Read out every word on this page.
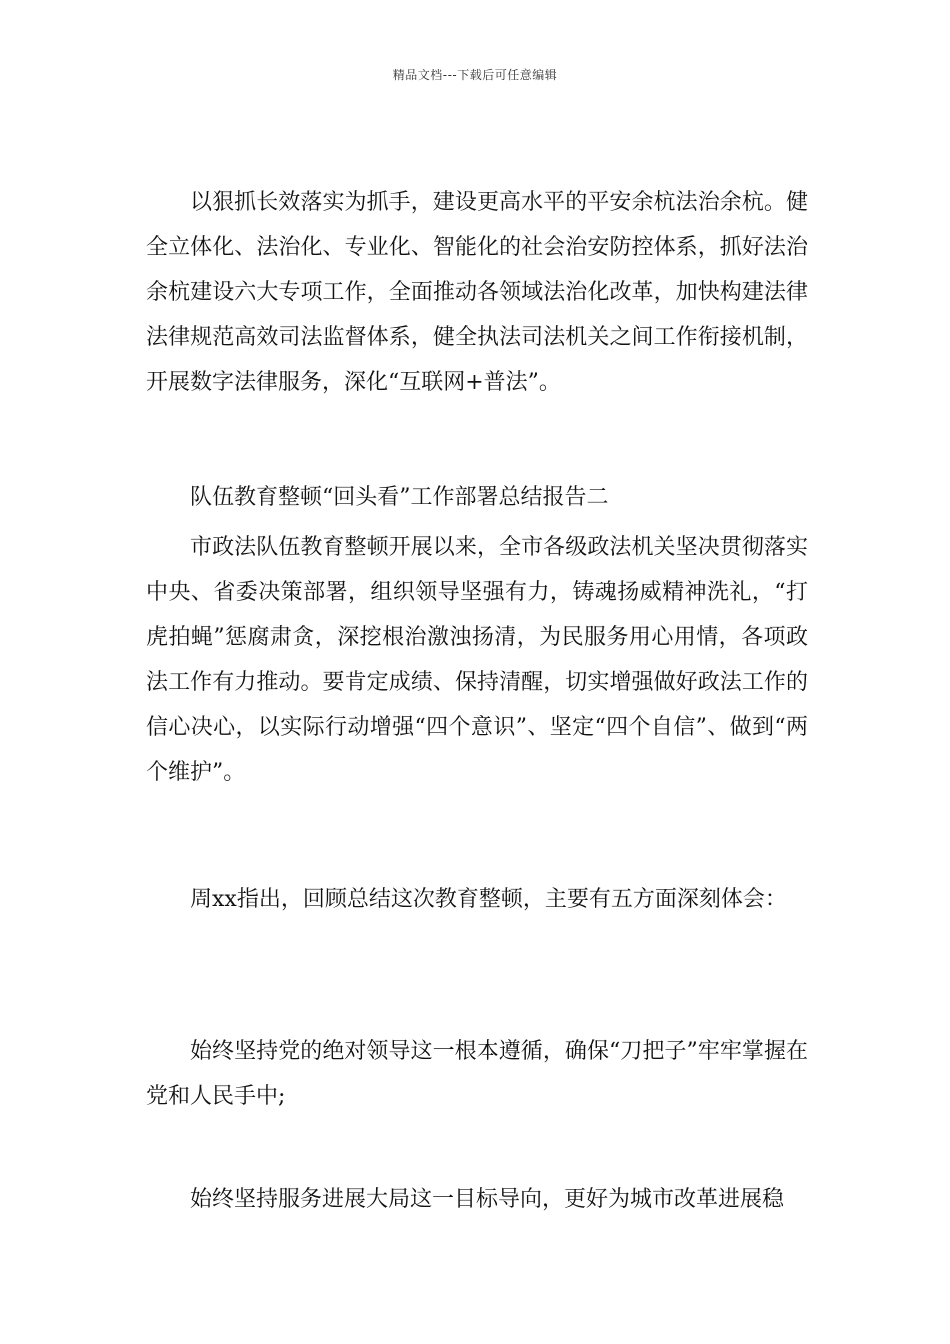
精品文档---下载后可任意编辑

以狠抓长效落实为抓手，建设更高水平的平安余杭法治余杭。健全立体化、法治化、专业化、智能化的社会治安防控体系，抓好法治余杭建设六大专项工作，全面推动各领域法治化改革，加快构建法律法律规范高效司法监督体系，健全执法司法机关之间工作衔接机制，开展数字法律服务，深化“互联网+普法”。

队伍教育整顿“回头看”工作部署总结报告二

市政法队伍教育整顿开展以来，全市各级政法机关坚决贯彻落实中央、省委决策部署，组织领导坚强有力，铸魂扬威精神洗礼，“打虎拍蝇”惩腐肃贪，深挖根治激浊扬清，为民服务用心用情，各项政法工作有力推动。要肯定成绩、保持清醒，切实增强做好政法工作的信心决心，以实际行动增强“四个意识”、坚定“四个自信”、做到“两个维护”。

周xx指出，回顾总结这次教育整顿，主要有五方面深刻体会：

始终坚持党的绝对领导这一根本遵循，确保“刀把子”牢牢掌握在党和人民手中;

始终坚持服务进展大局这一目标导向，更好为城市改革进展稳
